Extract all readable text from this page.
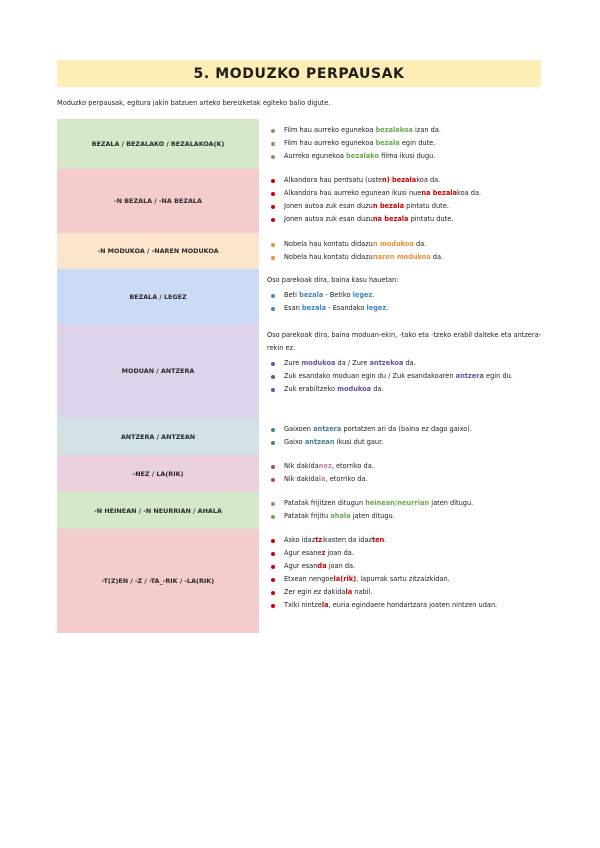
5. MODUZKO PERPAUSAK
Moduzko perpausak, egitura jakin batzuen arteko bereizketak egiteko balio digute.
BEZALA / BEZALAKO / BEZALAKOA(K)
Film hau aurreko egunekoa bezalakoa izan da.
Film hau aurreko egunekoa bezala egin dute.
Aurreko egunekoa bezalako filma ikusi dugu.
-N BEZALA / -NA BEZALA
Alkandora hau pentsatu (usten) bezalakoa da.
Alkandora hau aurreko egunean ikusi nuena bezalakoa da.
Jonen autoa zuk esan duzun bezala pintatu dute.
Jonen autoa zuk esan duzuna bezala pintatu dute.
-N MODUKOA / -NAREN MODUKOA
Nobela hau kontatu didazun modukoa da.
Nobela hau kontatu didazunaren modukoa da.
BEZALA / LEGEZ

Oso parekoak dira, baina kasu hauetan:

Beti bezala - Betiko legez.
Esan bezala - Esandako legez.
MODUAN / ANTZERA

Oso parekoak dira, baina moduan-ekin, -tako eta -tzeko erabil daiteke eta antzera-rekin ez.

Zure modukoa da / Zure antzekoa da.
Zuk esandako moduan egin du / Zuk esandakoaren antzera egin du.
Zuk erabiltzeko modukoa da.
ANTZERA / ANTZEAN
Gaixoen antzera portatzen ari da (baina ez dago gaixo).
Gaixo antzean ikusi dut gaur.
-NEZ / LA(RIK)
Nik dakidanez, etorriko da.
Nik dakidala, etorriko da.
-N HEINEAN / -N NEURRIAN / AHALA
Patatak frijitzen ditugun heinean/neurrian jaten ditugu.
Patatak frijitu ahala jaten ditugu.
-T(Z)EN / -Z / -TA_-RIK / -LA(RIK)
Asko idaztzikasten da idazten.
Agur esanez joan da.
Agur esanda joan da.
Etxean nengoela(rik), lapurrak sartu zitzaizkidan.
Zer egin ez dakidala nabil.
Txiki nintzela, euria egindaere hondartzara joaten nintzen udan.
